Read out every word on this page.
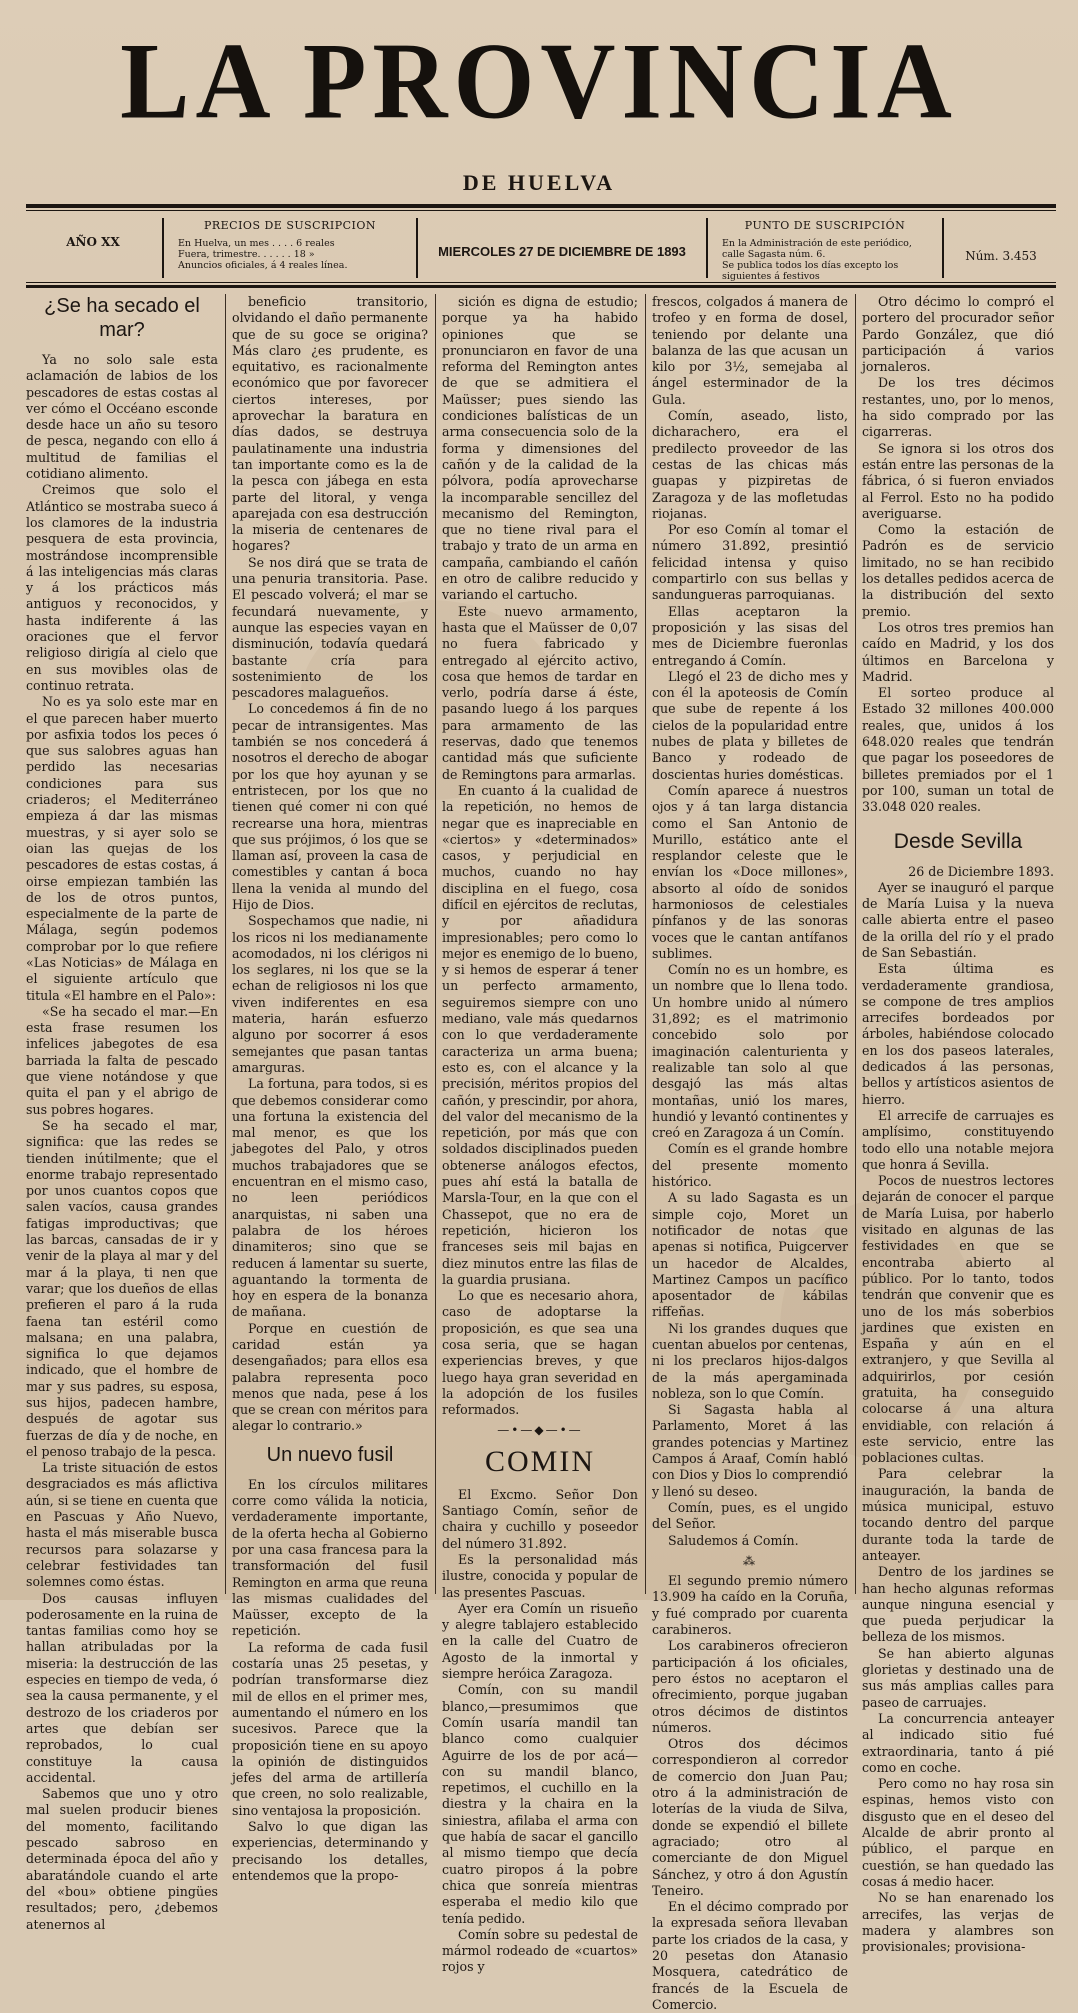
LA PROVINCIA
DE HUELVA
AÑO XX
PRECIOS DE SUSCRIPCION

En Huelva, un mes . . . . 6 reales

Fuera, trimestre. . . . . . 18 »

Anuncios oficiales, á 4 reales línea.

MIERCOLES 27 DE DICIEMBRE DE 1893
PUNTO DE SUSCRIPCIÓN

En la Administración de este periódico,

calle Sagasta núm. 6.

Se publica todos los días excepto los siguientes á festivos

Núm. 3.453
¿Se ha secado el mar?

Ya no solo sale esta aclamación de labios de los pescadores de estas costas al ver cómo el Occéano esconde desde hace un año su tesoro de pesca, negando con ello á multitud de familias el cotidiano alimento.

Creimos que solo el Atlántico se mostraba sueco á los clamores de la industria pesquera de esta provincia, mostrándose incomprensible á las inteligencias más claras y á los prácticos más antiguos y reconocidos, y hasta indiferente á las oraciones que el fervor religioso dirigía al cielo que en sus movibles olas de continuo retrata.

No es ya solo este mar en el que parecen haber muerto por asfixia todos los peces ó que sus salobres aguas han perdido las necesarias condiciones para sus criaderos; el Mediterráneo empieza á dar las mismas muestras, y si ayer solo se oian las quejas de los pescadores de estas costas, á oirse empiezan también las de los de otros puntos, especialmente de la parte de Málaga, según podemos comprobar por lo que refiere «Las Noticias» de Málaga en el siguiente artículo que titula «El hambre en el Palo»:

«Se ha secado el mar.—En esta frase resumen los infelices jabegotes de esa barriada la falta de pescado que viene notándose y que quita el pan y el abrigo de sus pobres hogares.

Se ha secado el mar, significa: que las redes se tienden inútilmente; que el enorme trabajo representado por unos cuantos copos que salen vacíos, causa grandes fatigas improductivas; que las barcas, cansadas de ir y venir de la playa al mar y del mar á la playa, ti nen que varar; que los dueños de ellas prefieren el paro á la ruda faena tan estéril como malsana; en una palabra, significa lo que dejamos indicado, que el hombre de mar y sus padres, su esposa, sus hijos, padecen hambre, después de agotar sus fuerzas de día y de noche, en el penoso trabajo de la pesca.

La triste situación de estos desgraciados es más aflictiva aún, si se tiene en cuenta que en Pascuas y Año Nuevo, hasta el más miserable busca recursos para solazarse y celebrar festividades tan solemnes como éstas.

Dos causas influyen poderosamente en la ruina de tantas familias como hoy se hallan atribuladas por la miseria: la destrucción de las especies en tiempo de veda, ó sea la causa permanente, y el destrozo de los criaderos por artes que debían ser reprobados, lo cual constituye la causa accidental.

Sabemos que uno y otro mal suelen producir bienes del momento, facilitando pescado sabroso en determinada época del año y abaratándole cuando el arte del «bou» obtiene pingües resultados; pero, ¿debemos atenernos al

beneficio transitorio, olvidando el daño permanente que de su goce se origina? Más claro ¿es prudente, es equitativo, es racionalmente económico que por favorecer ciertos intereses, por aprovechar la baratura en días dados, se destruya paulatinamente una industria tan importante como es la de la pesca con jábega en esta parte del litoral, y venga aparejada con esa destrucción la miseria de centenares de hogares?

Se nos dirá que se trata de una penuria transitoria. Pase. El pescado volverá; el mar se fecundará nuevamente, y aunque las especies vayan en disminución, todavía quedará bastante cría para sostenimiento de los pescadores malagueños.

Lo concedemos á fin de no pecar de intransigentes. Mas también se nos concederá á nosotros el derecho de abogar por los que hoy ayunan y se entristecen, por los que no tienen qué comer ni con qué recrearse una hora, mientras que sus prójimos, ó los que se llaman así, proveen la casa de comestibles y cantan á boca llena la venida al mundo del Hijo de Dios.

Sospechamos que nadie, ni los ricos ni los medianamente acomodados, ni los clérigos ni los seglares, ni los que se la echan de religiosos ni los que viven indiferentes en esa materia, harán esfuerzo alguno por socorrer á esos semejantes que pasan tantas amarguras.

La fortuna, para todos, si es que debemos considerar como una fortuna la existencia del mal menor, es que los jabegotes del Palo, y otros muchos trabajadores que se encuentran en el mismo caso, no leen periódicos anarquistas, ni saben una palabra de los héroes dinamiteros; sino que se reducen á lamentar su suerte, aguantando la tormenta de hoy en espera de la bonanza de mañana.

Porque en cuestión de caridad están ya desengañados; para ellos esa palabra representa poco menos que nada, pese á los que se crean con méritos para alegar lo contrario.»

Un nuevo fusil

En los círculos militares corre como válida la noticia, verdaderamente importante, de la oferta hecha al Gobierno por una casa francesa para la transformación del fusil Remington en arma que reuna las mismas cualidades del Maüsser, excepto de la repetición.

La reforma de cada fusil costaría unas 25 pesetas, y podrían transformarse diez mil de ellos en el primer mes, aumentando el número en los sucesivos. Parece que la proposición tiene en su apoyo la opinión de distinguidos jefes del arma de artillería que creen, no solo realizable, sino ventajosa la proposición.

Salvo lo que digan las experiencias, determinando y precisando los detalles, entendemos que la propo-

sición es digna de estudio; porque ya ha habido opiniones que se pronunciaron en favor de una reforma del Remington antes de que se admitiera el Maüsser; pues siendo las condiciones balísticas de un arma consecuencia solo de la forma y dimensiones del cañón y de la calidad de la pólvora, podía aprovecharse la incomparable sencillez del mecanismo del Remington, que no tiene rival para el trabajo y trato de un arma en campaña, cambiando el cañón en otro de calibre reducido y variando el cartucho.

Este nuevo armamento, hasta que el Maüsser de 0,07 no fuera fabricado y entregado al ejército activo, cosa que hemos de tardar en verlo, podría darse á éste, pasando luego á los parques para armamento de las reservas, dado que tenemos cantidad más que suficiente de Remingtons para armarlas.

En cuanto á la cualidad de la repetición, no hemos de negar que es inapreciable en «ciertos» y «determinados» casos, y perjudicial en muchos, cuando no hay disciplina en el fuego, cosa difícil en ejércitos de reclutas, y por añadidura impresionables; pero como lo mejor es enemigo de lo bueno, y si hemos de esperar á tener un perfecto armamento, seguiremos siempre con uno mediano, vale más quedarnos con lo que verdaderamente caracteriza un arma buena; esto es, con el alcance y la precisión, méritos propios del cañón, y prescindir, por ahora, del valor del mecanismo de la repetición, por más que con soldados disciplinados pueden obtenerse análogos efectos, pues ahí está la batalla de Marsla-Tour, en la que con el Chassepot, que no era de repetición, hicieron los franceses seis mil bajas en diez minutos entre las filas de la guardia prusiana.

Lo que es necesario ahora, caso de adoptarse la proposición, es que sea una cosa seria, que se hagan experiencias breves, y que luego haya gran severidad en la adopción de los fusiles reformados.

—•—◆—•—
COMIN

El Excmo. Señor Don Santiago Comín, señor de chaira y cuchillo y poseedor del número 31.892.

Es la personalidad más ilustre, conocida y popular de las presentes Pascuas.

Ayer era Comín un risueño y alegre tablajero establecido en la calle del Cuatro de Agosto de la inmortal y siempre heróica Zaragoza.

Comín, con su mandil blanco,—presumimos que Comín usaría mandil tan blanco como cualquier Aguirre de los de por acá—con su mandil blanco, repetimos, el cuchillo en la diestra y la chaira en la siniestra, afilaba el arma con que había de sacar el gancillo al mismo tiempo que decía cuatro piropos á la pobre chica que sonreía mientras esperaba el medio kilo que tenía pedido.

Comín sobre su pedestal de mármol rodeado de «cuartos» rojos y

frescos, colgados á manera de trofeo y en forma de dosel, teniendo por delante una balanza de las que acusan un kilo por 3½, semejaba al ángel esterminador de la Gula.

Comín, aseado, listo, dicharachero, era el predilecto proveedor de las cestas de las chicas más guapas y pizpiretas de Zaragoza y de las mofletudas riojanas.

Por eso Comín al tomar el número 31.892, presintió felicidad intensa y quiso compartirlo con sus bellas y sandungueras parroquianas.

Ellas aceptaron la proposición y las sisas del mes de Diciembre fueronlas entregando á Comín.

Llegó el 23 de dicho mes y con él la apoteosis de Comín que sube de repente á los cielos de la popularidad entre nubes de plata y billetes de Banco y rodeado de doscientas huries domésticas.

Comín aparece á nuestros ojos y á tan larga distancia como el San Antonio de Murillo, estático ante el resplandor celeste que le envían los «Doce millones», absorto al oído de sonidos harmoniosos de celestiales pínfanos y de las sonoras voces que le cantan antífanos sublimes.

Comín no es un hombre, es un nombre que lo llena todo. Un hombre unido al número 31,892; es el matrimonio concebido solo por imaginación calenturienta y realizable tan solo al que desgajó las más altas montañas, unió los mares, hundió y levantó continentes y creó en Zaragoza á un Comín.

Comín es el grande hombre del presente momento histórico.

A su lado Sagasta es un simple cojo, Moret un notificador de notas que apenas si notifica, Puigcerver un hacedor de Alcaldes, Martinez Campos un pacífico aposentador de kábilas riffeñas.

Ni los grandes duques que cuentan abuelos por centenas, ni los preclaros hijos-dalgos de la más apergaminada nobleza, son lo que Comín.

Si Sagasta habla al Parlamento, Moret á las grandes potencias y Martinez Campos á Araaf, Comín habló con Dios y Dios lo comprendió y llenó su deseo.

Comín, pues, es el ungido del Señor.

Saludemos á Comín.

⁂

El segundo premio número 13.909 ha caído en la Coruña, y fué comprado por cuarenta carabineros.

Los carabineros ofrecieron participación á los oficiales, pero éstos no aceptaron el ofrecimiento, porque jugaban otros décimos de distintos números.

Otros dos décimos correspondieron al corredor de comercio don Juan Pau; otro á la administración de loterías de la viuda de Silva, donde se expendió el billete agraciado; otro al comerciante de don Miguel Sánchez, y otro á don Agustín Teneiro.

En el décimo comprado por la expresada señora llevaban parte los criados de la casa, y 20 pesetas don Atanasio Mosquera, catedrático de francés de la Escuela de Comercio.

Otro décimo lo compró el portero del procurador señor Pardo González, que dió participación á varios jornaleros.

De los tres décimos restantes, uno, por lo menos, ha sido comprado por las cigarreras.

Se ignora si los otros dos están entre las personas de la fábrica, ó si fueron enviados al Ferrol. Esto no ha podido averiguarse.

Como la estación de Padrón es de servicio limitado, no se han recibido los detalles pedidos acerca de la distribución del sexto premio.

Los otros tres premios han caído en Madrid, y los dos últimos en Barcelona y Madrid.

El sorteo produce al Estado 32 millones 400.000 reales, que, unidos á los 648.020 reales que tendrán que pagar los poseedores de billetes premiados por el 1 por 100, suman un total de 33.048 020 reales.

Desde Sevilla

26 de Diciembre 1893.

Ayer se inauguró el parque de María Luisa y la nueva calle abierta entre el paseo de la orilla del río y el prado de San Sebastián.

Esta última es verdaderamente grandiosa, se compone de tres amplios arrecifes bordeados por árboles, habiéndose colocado en los dos paseos laterales, dedicados á las personas, bellos y artísticos asientos de hierro.

El arrecife de carruajes es amplísimo, constituyendo todo ello una notable mejora que honra á Sevilla.

Pocos de nuestros lectores dejarán de conocer el parque de María Luisa, por haberlo visitado en algunas de las festividades en que se encontraba abierto al público. Por lo tanto, todos tendrán que convenir que es uno de los más soberbios jardines que existen en España y aún en el extranjero, y que Sevilla al adquirirlos, por cesión gratuita, ha conseguido colocarse á una altura envidiable, con relación á este servicio, entre las poblaciones cultas.

Para celebrar la inauguración, la banda de música municipal, estuvo tocando dentro del parque durante toda la tarde de anteayer.

Dentro de los jardines se han hecho algunas reformas aunque ninguna esencial y que pueda perjudicar la belleza de los mismos.

Se han abierto algunas glorietas y destinado una de sus más amplias calles para paseo de carruajes.

La concurrencia anteayer al indicado sitio fué extraordinaria, tanto á pié como en coche.

Pero como no hay rosa sin espinas, hemos visto con disgusto que en el deseo del Alcalde de abrir pronto al público, el parque en cuestión, se han quedado las cosas á medio hacer.

No se han enarenado los arrecifes, las verjas de madera y alambres son provisionales; provisiona-
